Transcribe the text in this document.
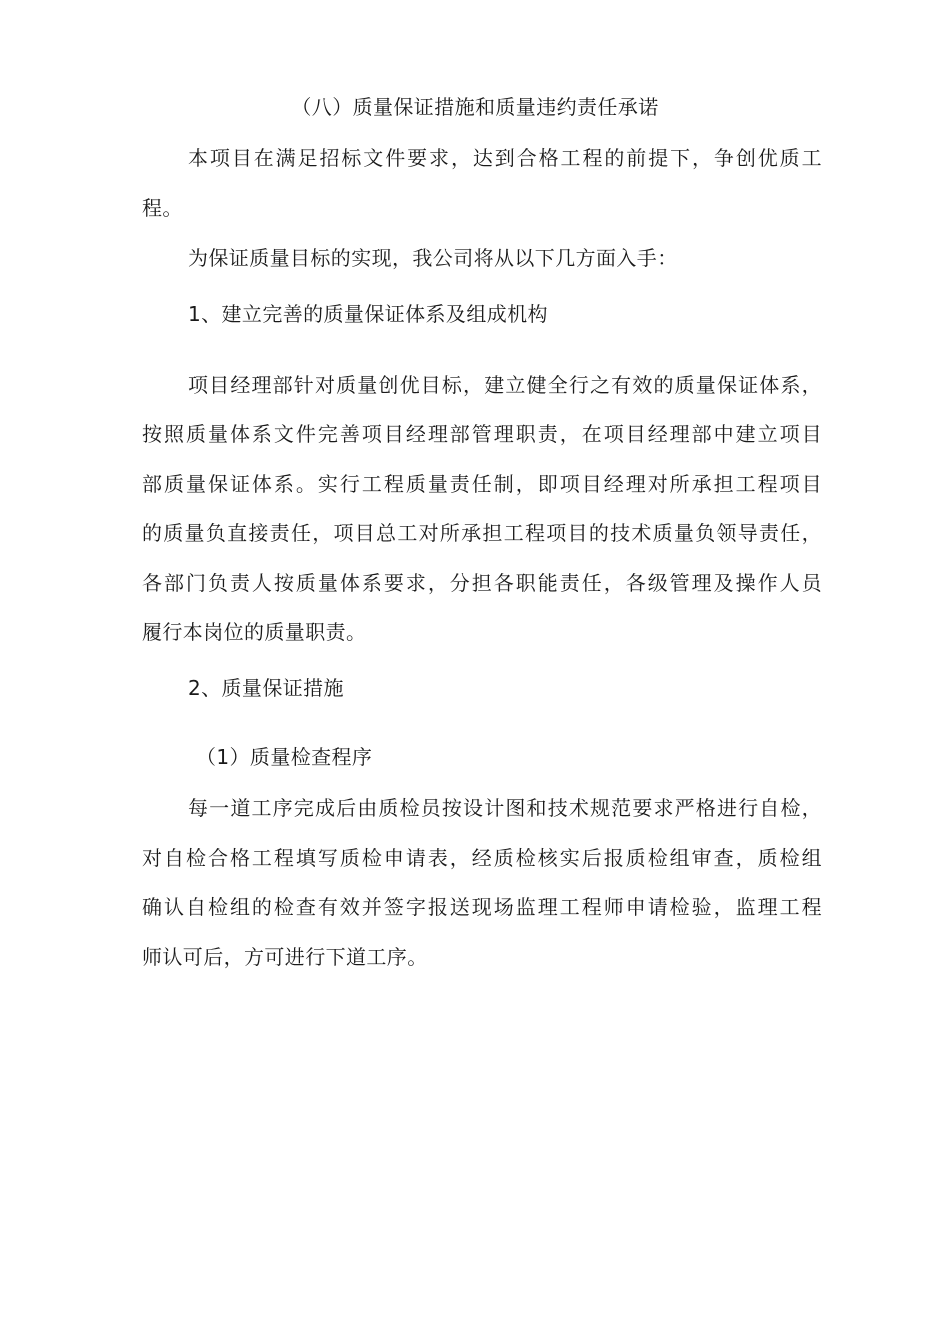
（八）质量保证措施和质量违约责任承诺
本项目在满足招标文件要求，达到合格工程的前提下，争创优质工
程。
为保证质量目标的实现，我公司将从以下几方面入手：
1、建立完善的质量保证体系及组成机构
项目经理部针对质量创优目标，建立健全行之有效的质量保证体系，
按照质量体系文件完善项目经理部管理职责，在项目经理部中建立项目
部质量保证体系。实行工程质量责任制，即项目经理对所承担工程项目
的质量负直接责任，项目总工对所承担工程项目的技术质量负领导责任，
各部门负责人按质量体系要求，分担各职能责任，各级管理及操作人员
履行本岗位的质量职责。
2、质量保证措施
（1）质量检查程序
每一道工序完成后由质检员按设计图和技术规范要求严格进行自检，
对自检合格工程填写质检申请表，经质检核实后报质检组审查，质检组
确认自检组的检查有效并签字报送现场监理工程师申请检验，监理工程
师认可后，方可进行下道工序。
